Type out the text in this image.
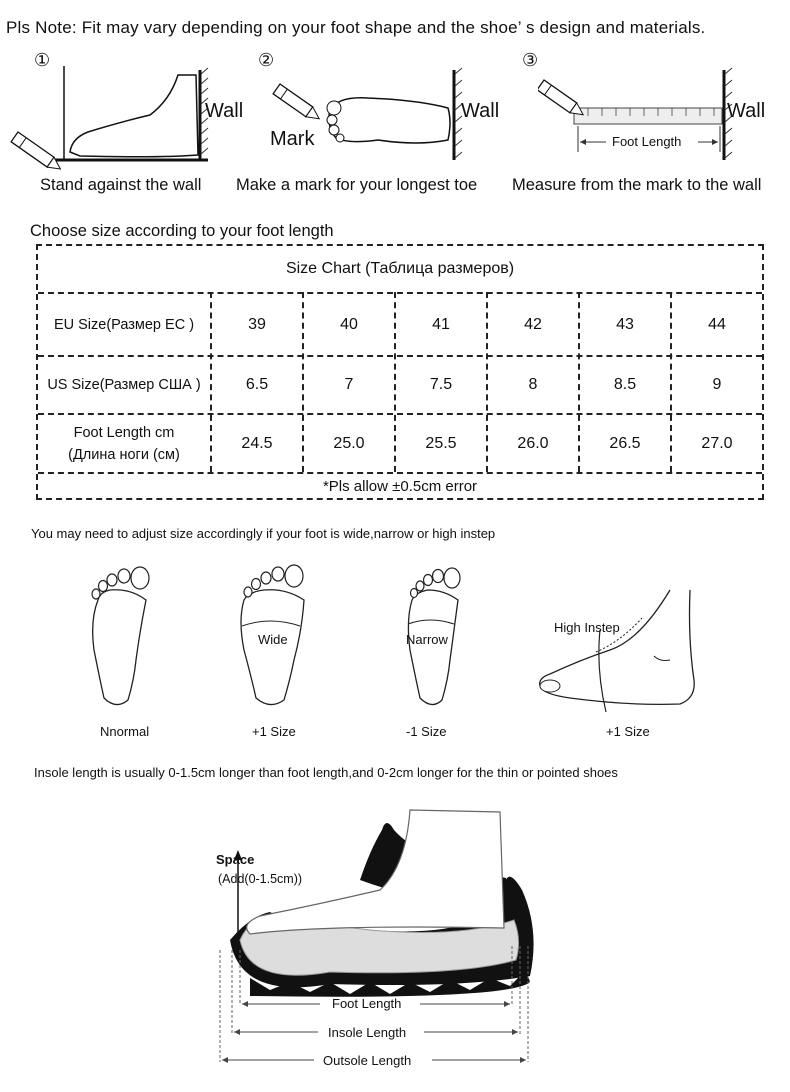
Pls Note: Fit may vary depending on your foot shape and the shoe’ s design and materials.
①
Wall
Stand against the wall
②
Mark
Wall
Make a mark for your longest toe
③
Foot Length
Wall
Measure from the mark to the wall
Choose size according to your foot length
Size Chart (Таблица размеров)
EU Size(Размер ЕС )	39	40	41	42	43	44
US Size(Размер США )	6.5	7	7.5	8	8.5	9
Foot Length cm
(Длина ноги (см)
24.5	25.0	25.5	26.0	26.5	27.0
*Pls allow ±0.5cm error
You may need to adjust size accordingly if your foot is wide,narrow or high instep
Nnormal
Wide
+1 Size
Narrow
-1 Size
High Instep
+1 Size
Insole length is usually 0-1.5cm longer than foot length,and 0-2cm longer for the thin or pointed shoes
Space
(Add(0-1.5cm))
Foot Length
Insole Length
Outsole Length
